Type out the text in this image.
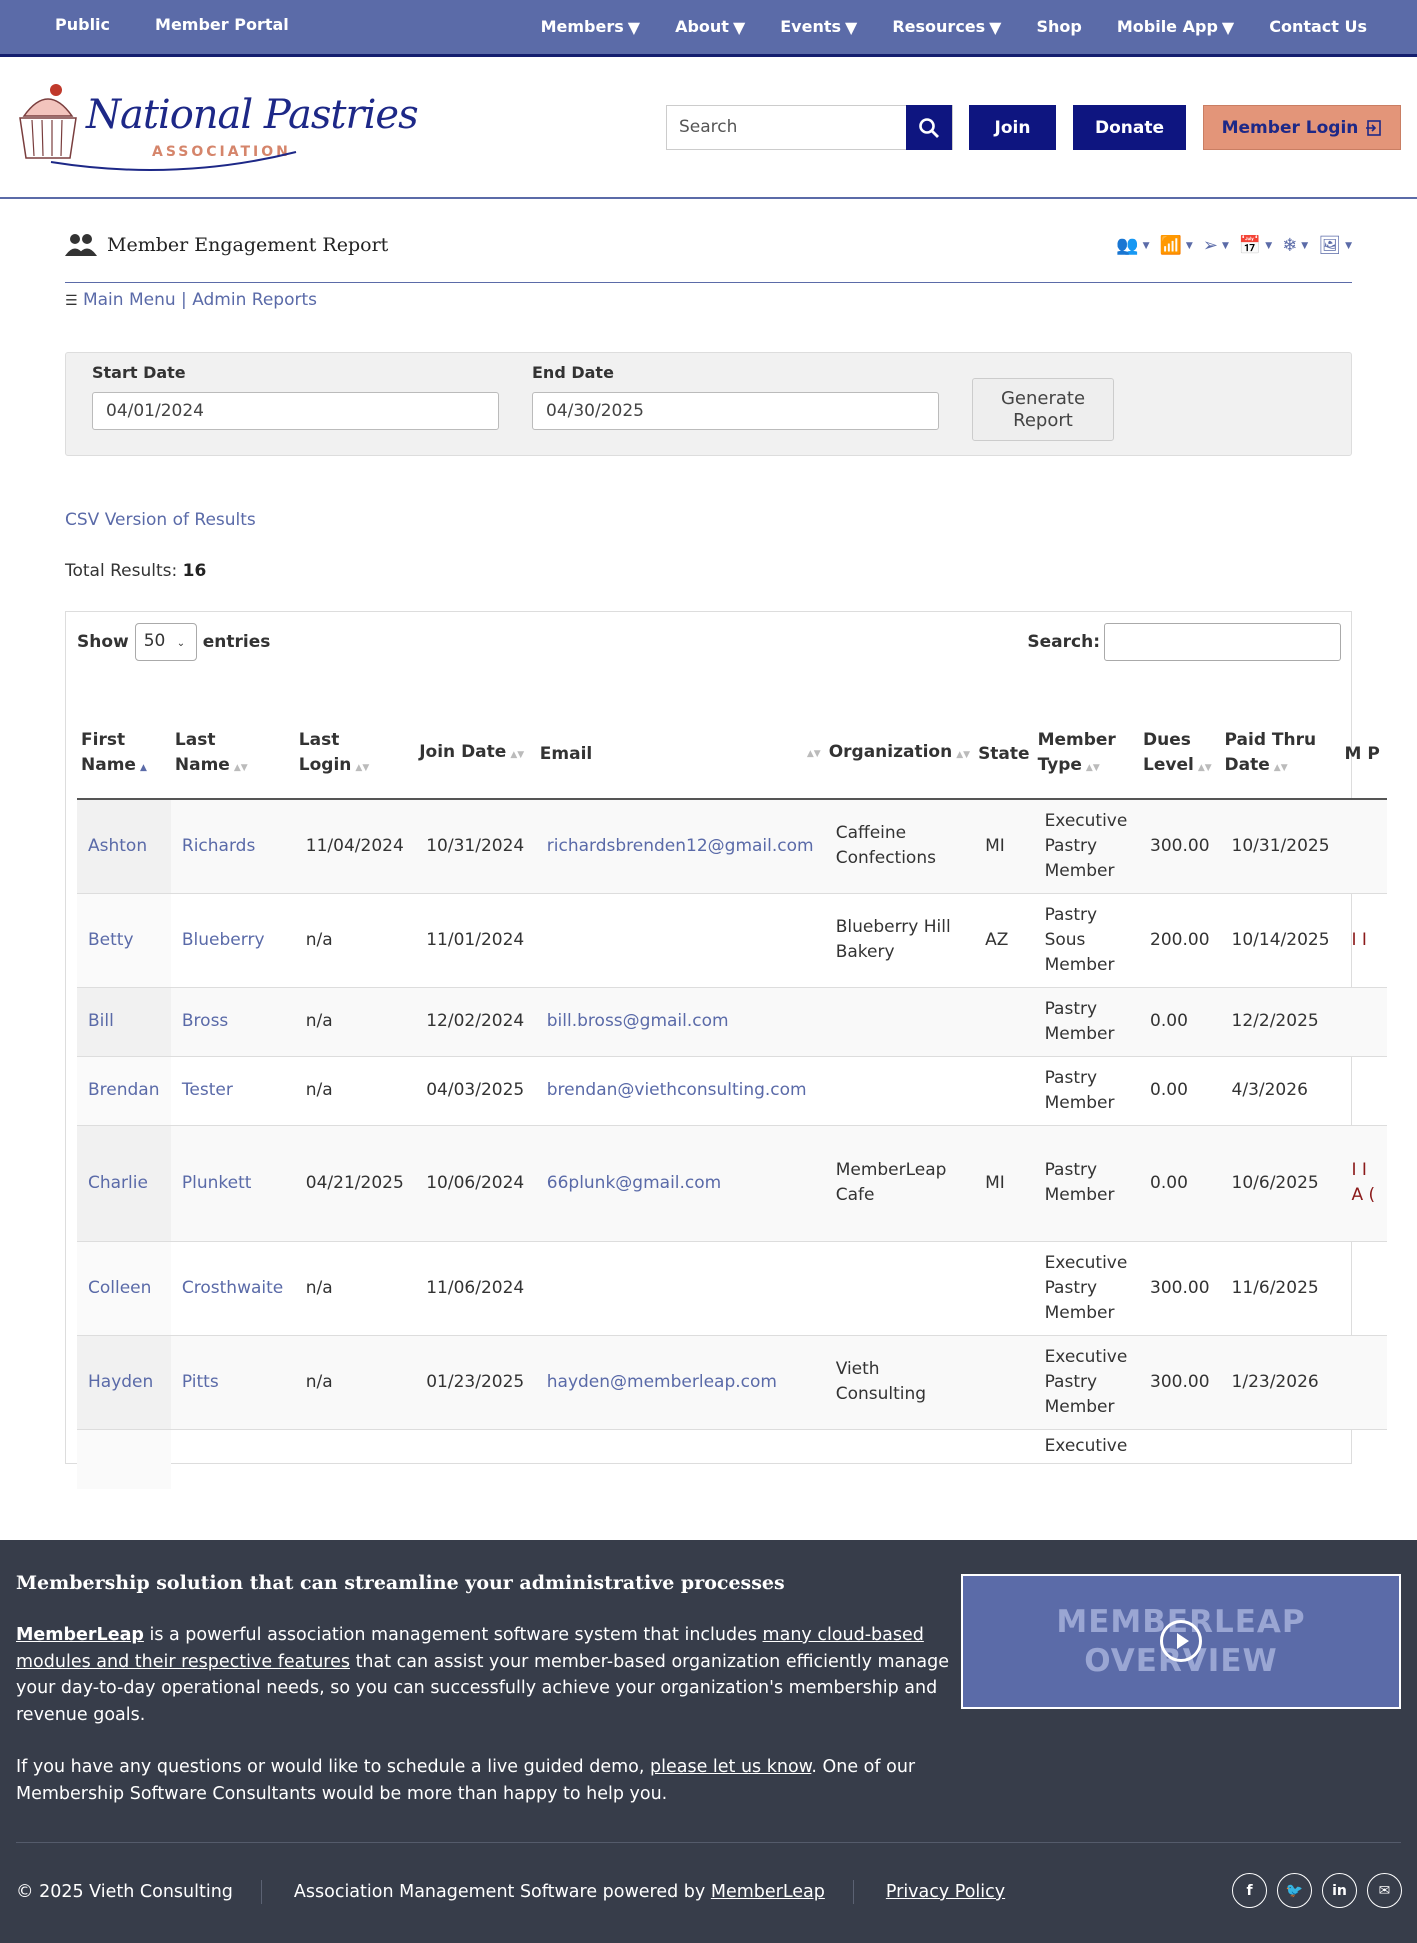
Public	Member Portal	Members ▼ About ▼ Events ▼ Resources ▼ Shop Mobile App ▼ Contact Us
National Pastries
ASSOCIATION
Search	Join	Donate	Member Login
Member Engagement Report	👥 ▼ 📶 ▼ ➢ ▼ 📅 ▼ ❄ ▼ 🖼 ▼
☰ Main Menu | Admin Reports
Start Date
04/01/2024
End Date
04/30/2025
Generate Report
CSV Version of Results
Total Results: 16
Show 50 ⌄	entries	Search:
First Name ▲	Last Name ▲▼	Last Login ▲▼	Join Date ▲▼	Email ▲▼	Organization ▲▼	State	Member Type ▲▼	Dues Level ▲▼	Paid Thru Date ▲▼	M P
Ashton	Richards	11/04/2024	10/31/2024	richardsbrenden12@gmail.com	Caffeine Confections	MI	Executive Pastry Member	300.00	10/31/2025	
Betty	Blueberry	n/a	11/01/2024		Blueberry Hill Bakery	AZ	Pastry Sous Member	200.00	10/14/2025	I I
Bill	Bross	n/a	12/02/2024	bill.bross@gmail.com			Pastry Member	0.00	12/2/2025	
Brendan	Tester	n/a	04/03/2025	brendan@viethconsulting.com			Pastry Member	0.00	4/3/2026	
Charlie	Plunkett	04/21/2025	10/06/2024	66plunk@gmail.com	MemberLeap Cafe	MI	Pastry Member	0.00	10/6/2025	I I A (
Colleen	Crosthwaite	n/a	11/06/2024				Executive Pastry Member	300.00	11/6/2025	
Hayden	Pitts	n/a	01/23/2025	hayden@memberleap.com	Vieth Consulting		Executive Pastry Member	300.00	1/23/2026	
							Executive			
Membership solution that can streamline your administrative processes
MemberLeap is a powerful association management software system that includes many cloud-based modules and their respective features that can assist your member-based organization efficiently manage your day-to-day operational needs, so you can successfully achieve your organization's membership and revenue goals.
If you have any questions or would like to schedule a live guided demo, please let us know. One of our Membership Software Consultants would be more than happy to help you.
MEMBERLEAP
OVERVIEW
© 2025 Vieth Consulting	Association Management Software powered by MemberLeap	Privacy Policy	f	🐦	in	✉
